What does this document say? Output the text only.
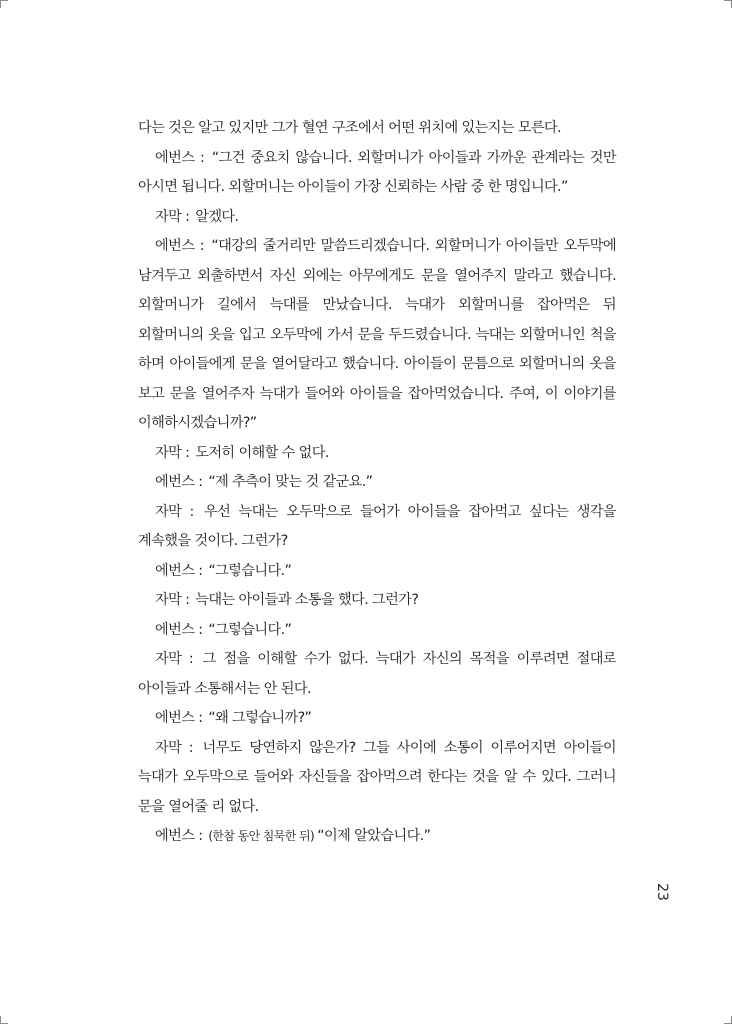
다는 것은 알고 있지만 그가 혈연 구조에서 어떤 위치에 있는지는 모른다.

에번스 : “그건 중요치 않습니다. 외할머니가 아이들과 가까운 관계라는 것만 아시면 됩니다. 외할머니는 아이들이 가장 신뢰하는 사람 중 한 명입니다.”

자막 : 알겠다.

에번스 : “대강의 줄거리만 말씀드리겠습니다. 외할머니가 아이들만 오두막에 남겨두고 외출하면서 자신 외에는 아무에게도 문을 열어주지 말라고 했습니다. 외할머니가 길에서 늑대를 만났습니다. 늑대가 외할머니를 잡아먹은 뒤 외할머니의 옷을 입고 오두막에 가서 문을 두드렸습니다. 늑대는 외할머니인 척을 하며 아이들에게 문을 열어달라고 했습니다. 아이들이 문틈으로 외할머니의 옷을 보고 문을 열어주자 늑대가 들어와 아이들을 잡아먹었습니다. 주여, 이 이야기를 이해하시겠습니까?”

자막 : 도저히 이해할 수 없다.

에번스 : “제 추측이 맞는 것 같군요.”

자막 : 우선 늑대는 오두막으로 들어가 아이들을 잡아먹고 싶다는 생각을 계속했을 것이다. 그런가?

에번스 : “그렇습니다.”

자막 : 늑대는 아이들과 소통을 했다. 그런가?

에번스 : “그렇습니다.”

자막 : 그 점을 이해할 수가 없다. 늑대가 자신의 목적을 이루려면 절대로 아이들과 소통해서는 안 된다.

에번스 : “왜 그렇습니까?”

자막 : 너무도 당연하지 않은가? 그들 사이에 소통이 이루어지면 아이들이 늑대가 오두막으로 들어와 자신들을 잡아먹으려 한다는 것을 알 수 있다. 그러니 문을 열어줄 리 없다.

에번스 : (한참 동안 침묵한 뒤) “이제 알았습니다.”

23
